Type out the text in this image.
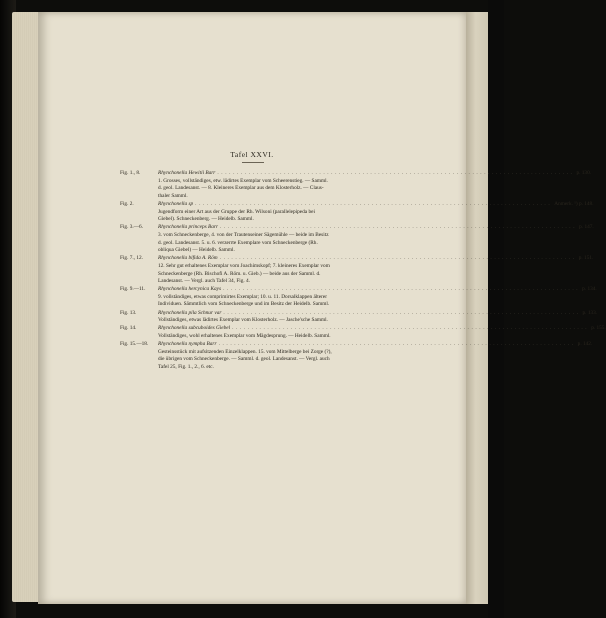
Tafel XXVI.
Fig. 1., 8.	Rhynchonella Hewitii Barr .....	p. 130.
1. Grosses, vollständiges, etw. lädirtes Exemplar vom Scheerenstieg. — Samml.
d. geol. Landesanst. — 8. Kleineres Exemplar aus dem Klosterholz. — Claus-
thaler Samml.
Fig. 2.	Rhynchonella sp .....	Anmerk. ¹) p. 148.
Jugendform einer Art aus der Gruppe der Rh. Wilsoni (parallelepipeda bei
Giebel). Schneckenberg. — Heidelb. Samml.
Fig. 3.—6.	Rhynchonella princeps Barr .....	p. 147.
3. vom Schneckenberge, 4. von der Trautenseiner Sägemühle — beide im Besitz
d. geol. Landesanst. 5. u. 6. verzerrte Exemplare vom Schneckenberge (Rh.
obliqua Giebel) — Heidelb. Samml.
Fig. 7., 12.	Rhynchonella bifida A. Röm .....	p. 151.
12. Sehr gut erhaltenes Exemplar vom Joachimskopf; 7. kleineres Exemplar vom
Schneckenberge (Rh. Bischofi A. Röm. u. Gieb.) — beide aus der Samml. d.
Landesanst. — Vergl. auch Tafel 34, Fig. 4.
Fig. 9.—11.	Rhynchonella hercynica Kays .....	p. 134.
9. vollständiges, etwas comprimirtes Exemplar; 10. u. 11. Dorsalklappen älterer
Individuen. Sämmtlich vom Schneckenberge und im Besitz der Heidelb. Samml.
Fig. 13.	Rhynchonella pila Schnur var .....	p. 133.
Vollständiges, etwas lädirtes Exemplar vom Klosterholz. — Jasche'sche Samml.
Fig. 14.	Rhynchonella subcuboides Giebel .....	p. 155.
Vollständiges, wohl erhaltenes Exemplar vom Mägdesprung. — Heidelb. Samml.
Fig. 15.—18.	Rhynchonella nympha Barr .....	p. 142.
Gesteinsstück mit aufsitzenden Einzelklappen. 15. vom Mittelberge bei Zorge (?),
die übrigen vom Schneckenberge. — Samml. d. geol. Landesanst. — Vergl. auch
Tafel 25, Fig. 1., 2., 6. etc.
